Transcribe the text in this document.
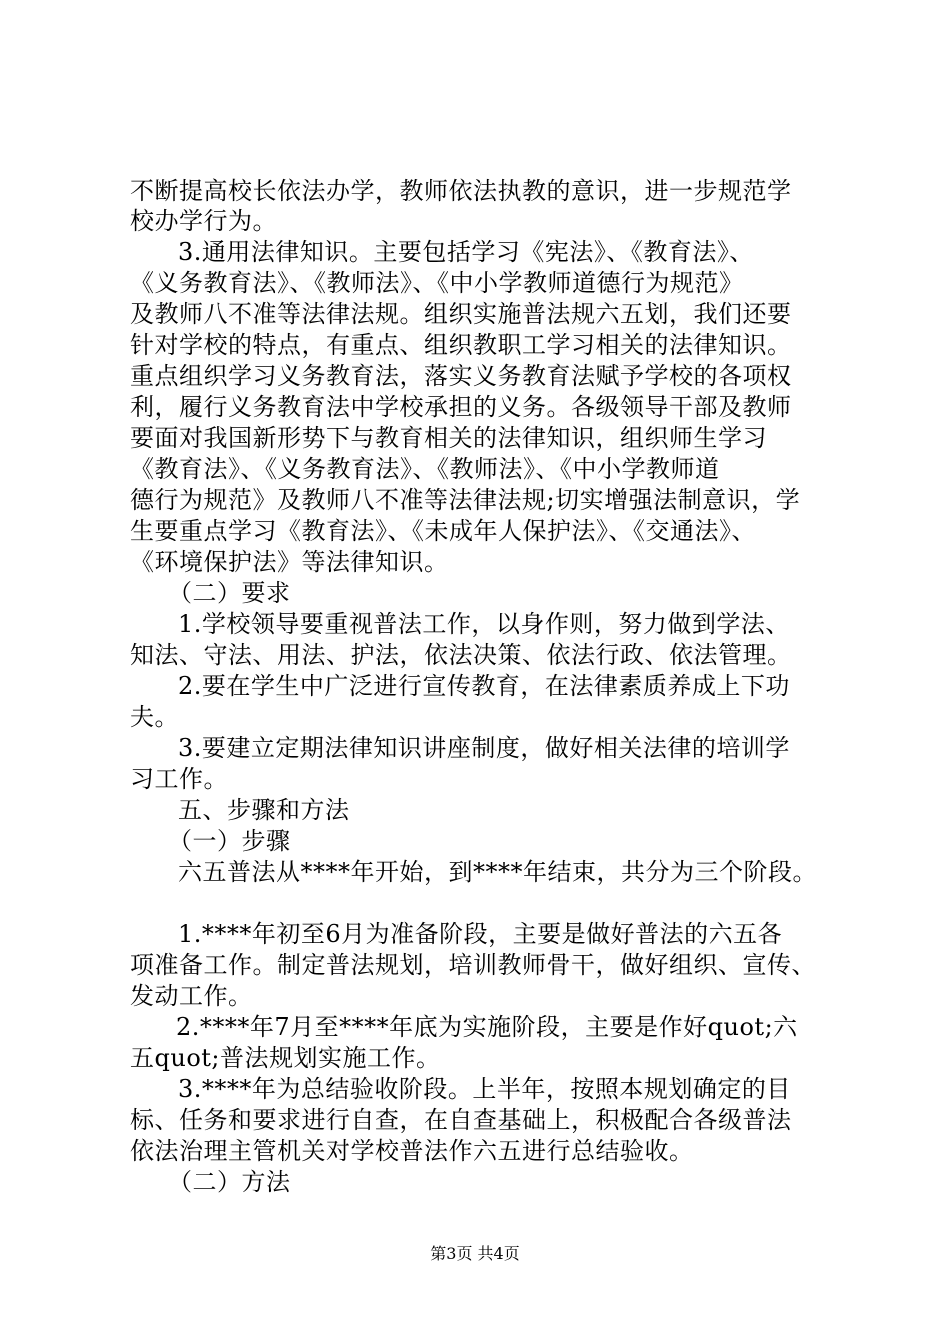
不断提高校长依法办学，教师依法执教的意识，进一步规范学
校办学行为。
3.通用法律知识。主要包括学习《宪法》、《教育法》、
《义务教育法》、《教师法》、《中小学教师道德行为规范》
及教师八不准等法律法规。组织实施普法规六五划，我们还要
针对学校的特点，有重点、组织教职工学习相关的法律知识。
重点组织学习义务教育法，落实义务教育法赋予学校的各项权
利，履行义务教育法中学校承担的义务。各级领导干部及教师
要面对我国新形势下与教育相关的法律知识，组织师生学习
《教育法》、《义务教育法》、《教师法》、《中小学教师道
德行为规范》及教师八不准等法律法规;切实增强法制意识，学
生要重点学习《教育法》、《未成年人保护法》、《交通法》、
《环境保护法》等法律知识。
（二）要求
1.学校领导要重视普法工作，以身作则，努力做到学法、
知法、守法、用法、护法，依法决策、依法行政、依法管理。
2.要在学生中广泛进行宣传教育，在法律素质养成上下功
夫。
3.要建立定期法律知识讲座制度，做好相关法律的培训学
习工作。
五、步骤和方法
（一）步骤
六五普法从****年开始，到****年结束，共分为三个阶段。
1.****年初至6月为准备阶段，主要是做好普法的六五各
项准备工作。制定普法规划，培训教师骨干，做好组织、宣传、
发动工作。
2.****年7月至****年底为实施阶段，主要是作好quot;六
五quot;普法规划实施工作。
3.****年为总结验收阶段。上半年，按照本规划确定的目
标、任务和要求进行自查，在自查基础上，积极配合各级普法
依法治理主管机关对学校普法作六五进行总结验收。
（二）方法
第3页 共4页
